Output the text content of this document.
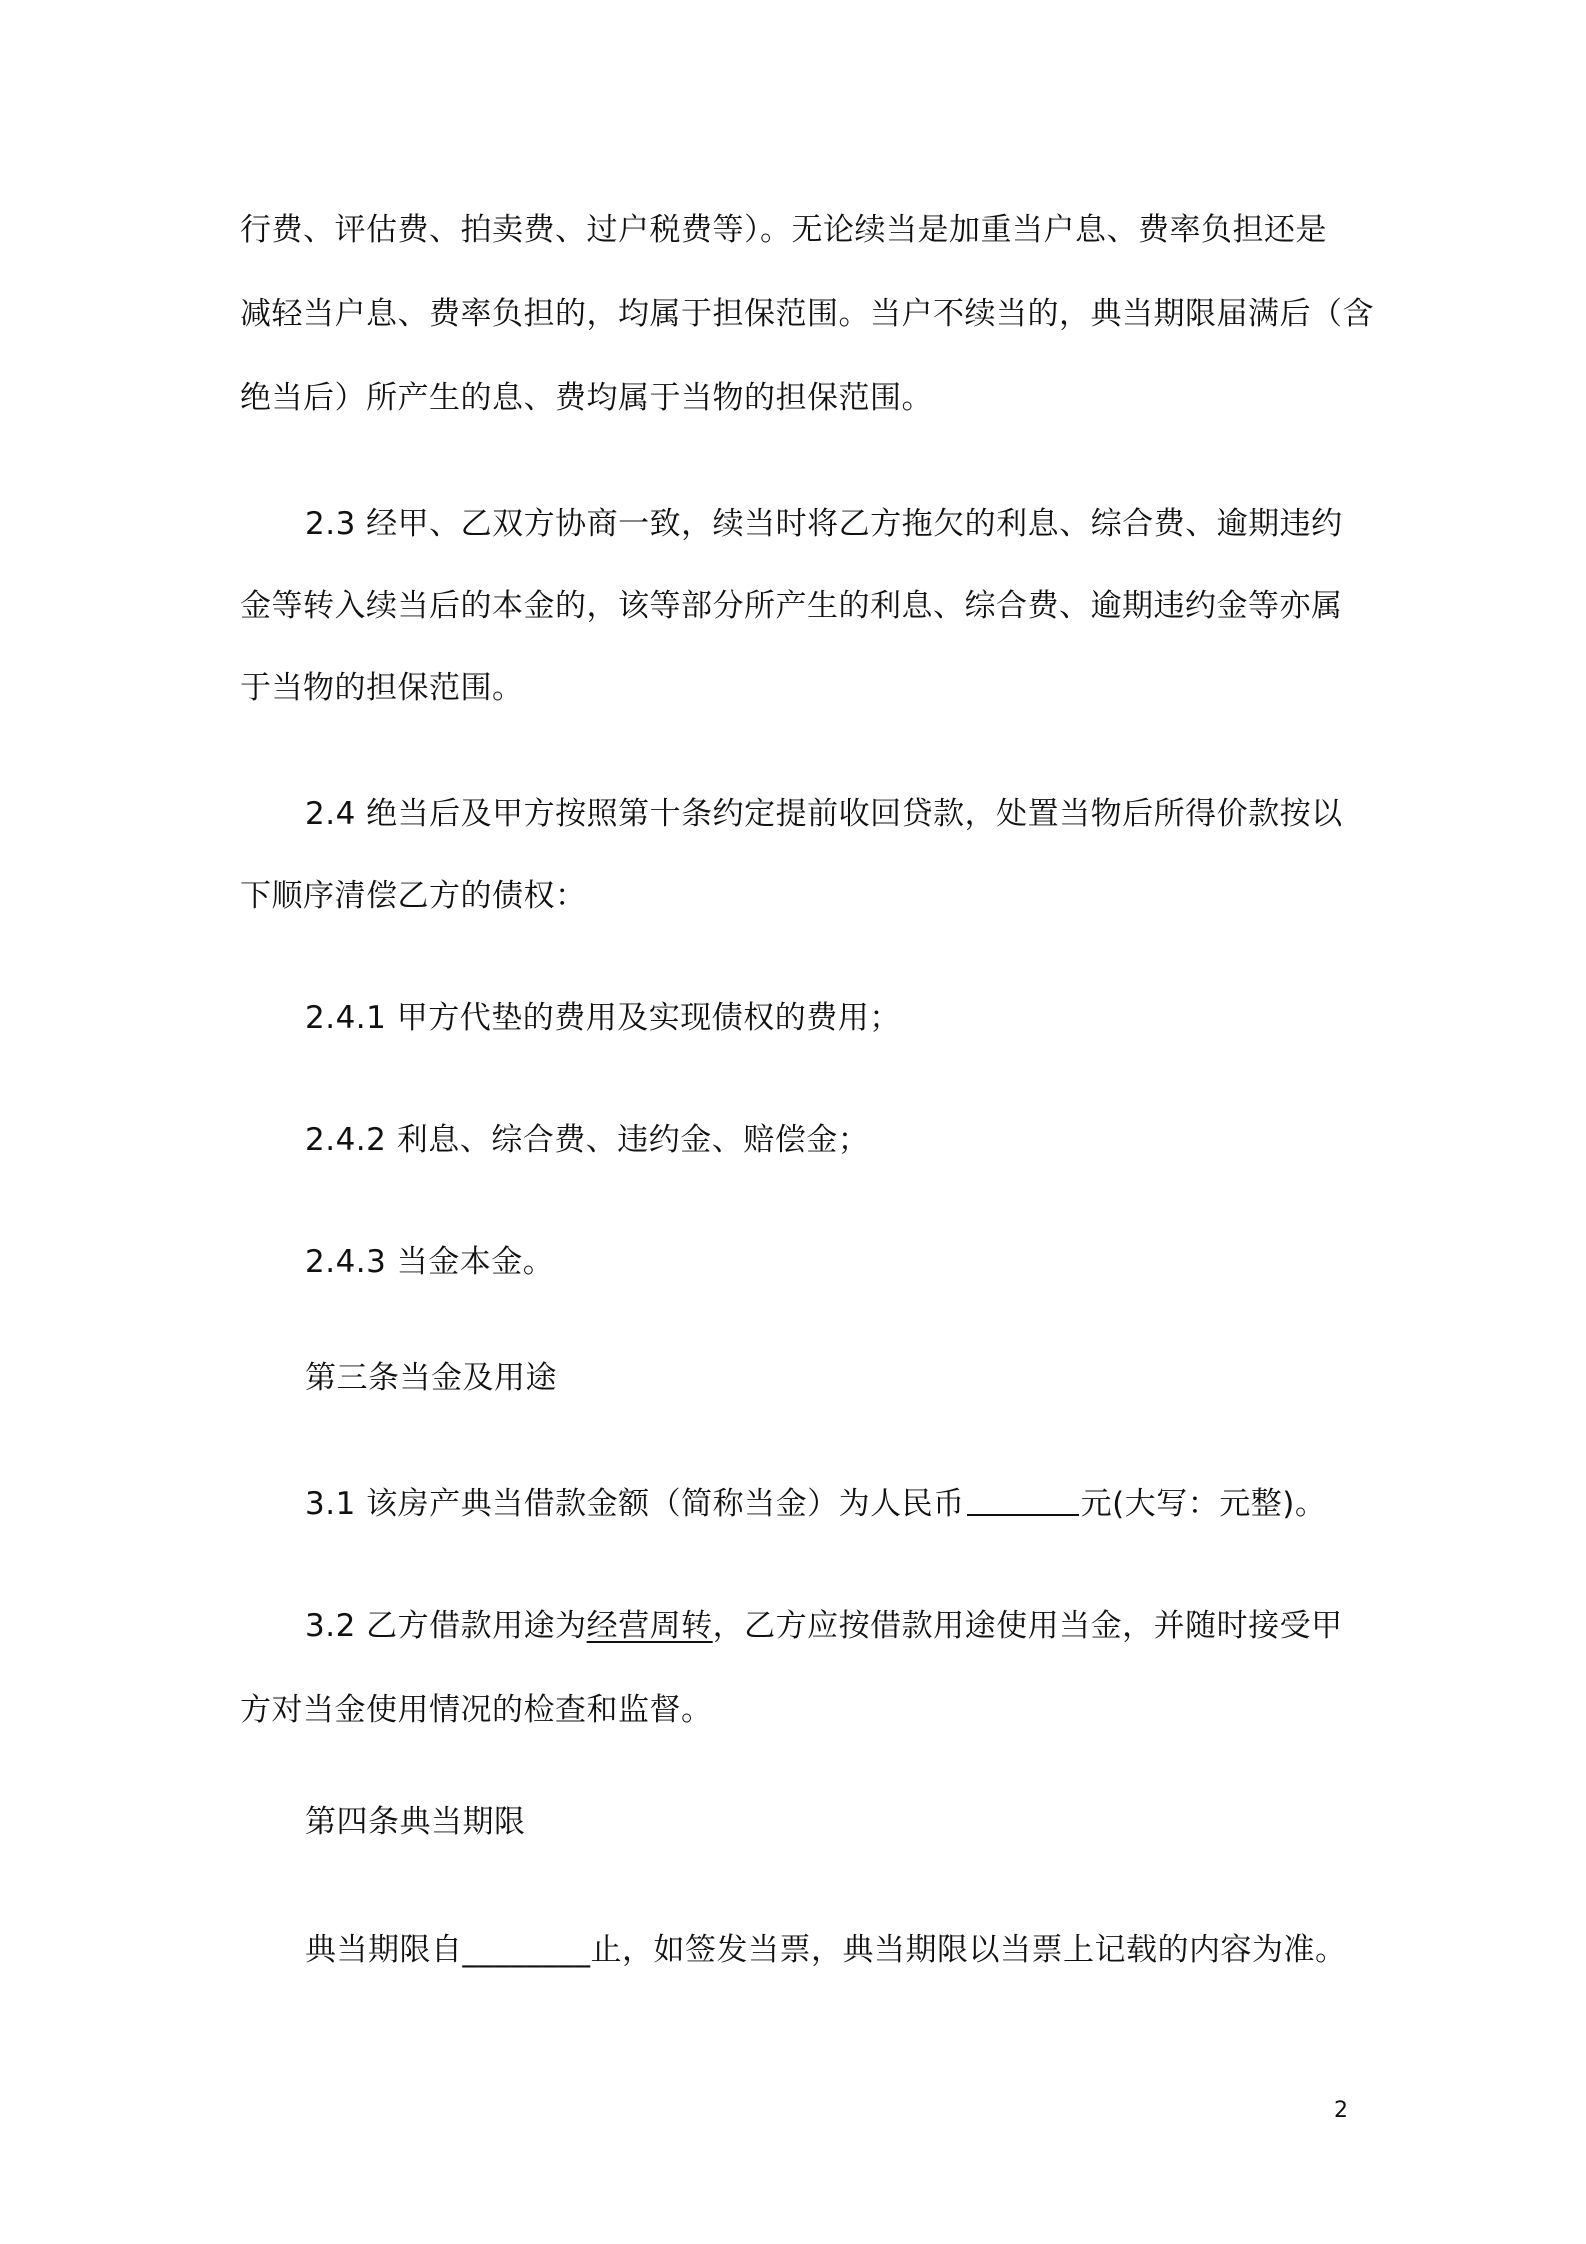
行费、评估费、拍卖费、过户税费等）。无论续当是加重当户息、费率负担还是
减轻当户息、费率负担的，均属于担保范围。当户不续当的，典当期限届满后（含
绝当后）所产生的息、费均属于当物的担保范围。
2.3 经甲、乙双方协商一致，续当时将乙方拖欠的利息、综合费、逾期违约
金等转入续当后的本金的，该等部分所产生的利息、综合费、逾期违约金等亦属
于当物的担保范围。
2.4 绝当后及甲方按照第十条约定提前收回贷款，处置当物后所得价款按以
下顺序清偿乙方的债权：
2.4.1 甲方代垫的费用及实现债权的费用；
2.4.2 利息、综合费、违约金、赔偿金；
2.4.3 当金本金。
第三条当金及用途
3.1 该房产典当借款金额（简称当金）为人民币	元(大写：元整)。
3.2 乙方借款用途为经营周转，乙方应按借款用途使用当金，并随时接受甲
方对当金使用情况的检查和监督。
第四条典当期限
典当期限自________止，如签发当票，典当期限以当票上记载的内容为准。
2
